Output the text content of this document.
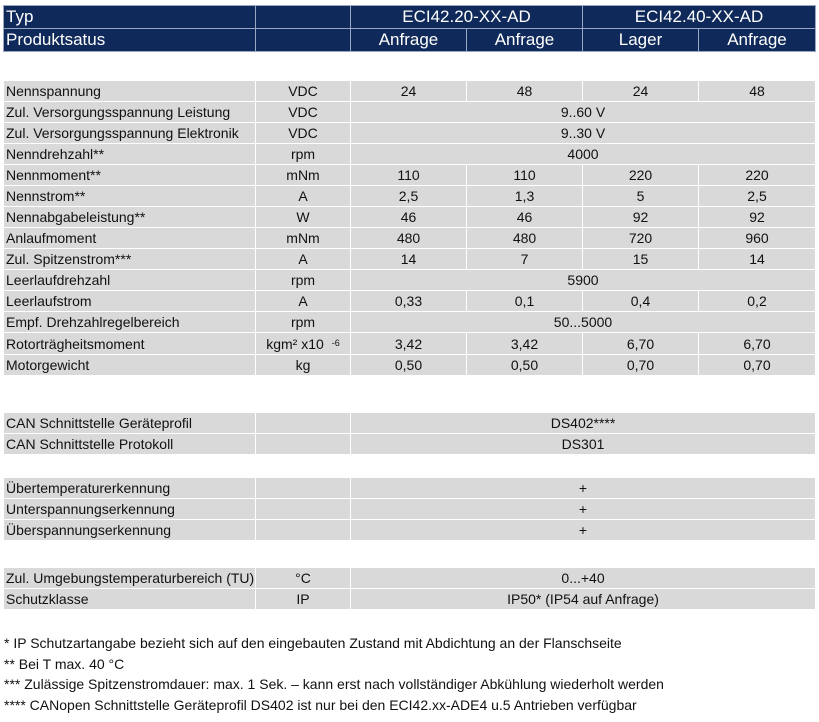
Typ		ECI42.20-XX-AD		ECI42.40-XX-AD	
Produktsatus		Anfrage	Anfrage	Lager	Anfrage
Nennspannung	VDC	24	48	24	48
Zul. Versorgungsspannung Leistung	VDC	9..60 V			
Zul. Versorgungsspannung Elektronik	VDC	9..30 V			
Nenndrehzahl**	rpm	4000			
Nennmoment**	mNm	110	110	220	220
Nennstrom**	A	2,5	1,3	5	2,5
Nennabgabeleistung**	W	46	46	92	92
Anlaufmoment	mNm	480	480	720	960
Zul. Spitzenstrom***	A	14	7	15	14
Leerlaufdrehzahl	rpm	5900			
Leerlaufstrom	A	0,33	0,1	0,4	0,2
Empf. Drehzahlregelbereich	rpm	50...5000			
Rotorträgheitsmoment	kgm² x10 $^{-6}$	3,42	3,42	6,70	6,70
Motorgewicht	kg	0,50	0,50	0,70	0,70
CAN Schnittstelle Geräteprofil		DS402****
CAN Schnittstelle Protokoll		DS301
Übertemperaturerkennung		+
Unterspannungserkennung		+
Überspannungserkennung		+
Zul. Umgebungstemperaturbereich (TU)	°C	0...+40
Schutzklasse	IP	IP50* (IP54 auf Anfrage)
* IP Schutzartangabe bezieht sich auf den eingebauten Zustand mit Abdichtung an der Flanschseite
** Bei T max. 40 °C
*** Zulässige Spitzenstromdauer: max. 1 Sek. – kann erst nach vollständiger Abkühlung wiederholt werden
**** CANopen Schnittstelle Geräteprofil DS402 ist nur bei den ECI42.xx-ADE4 u.5 Antrieben verfügbar
